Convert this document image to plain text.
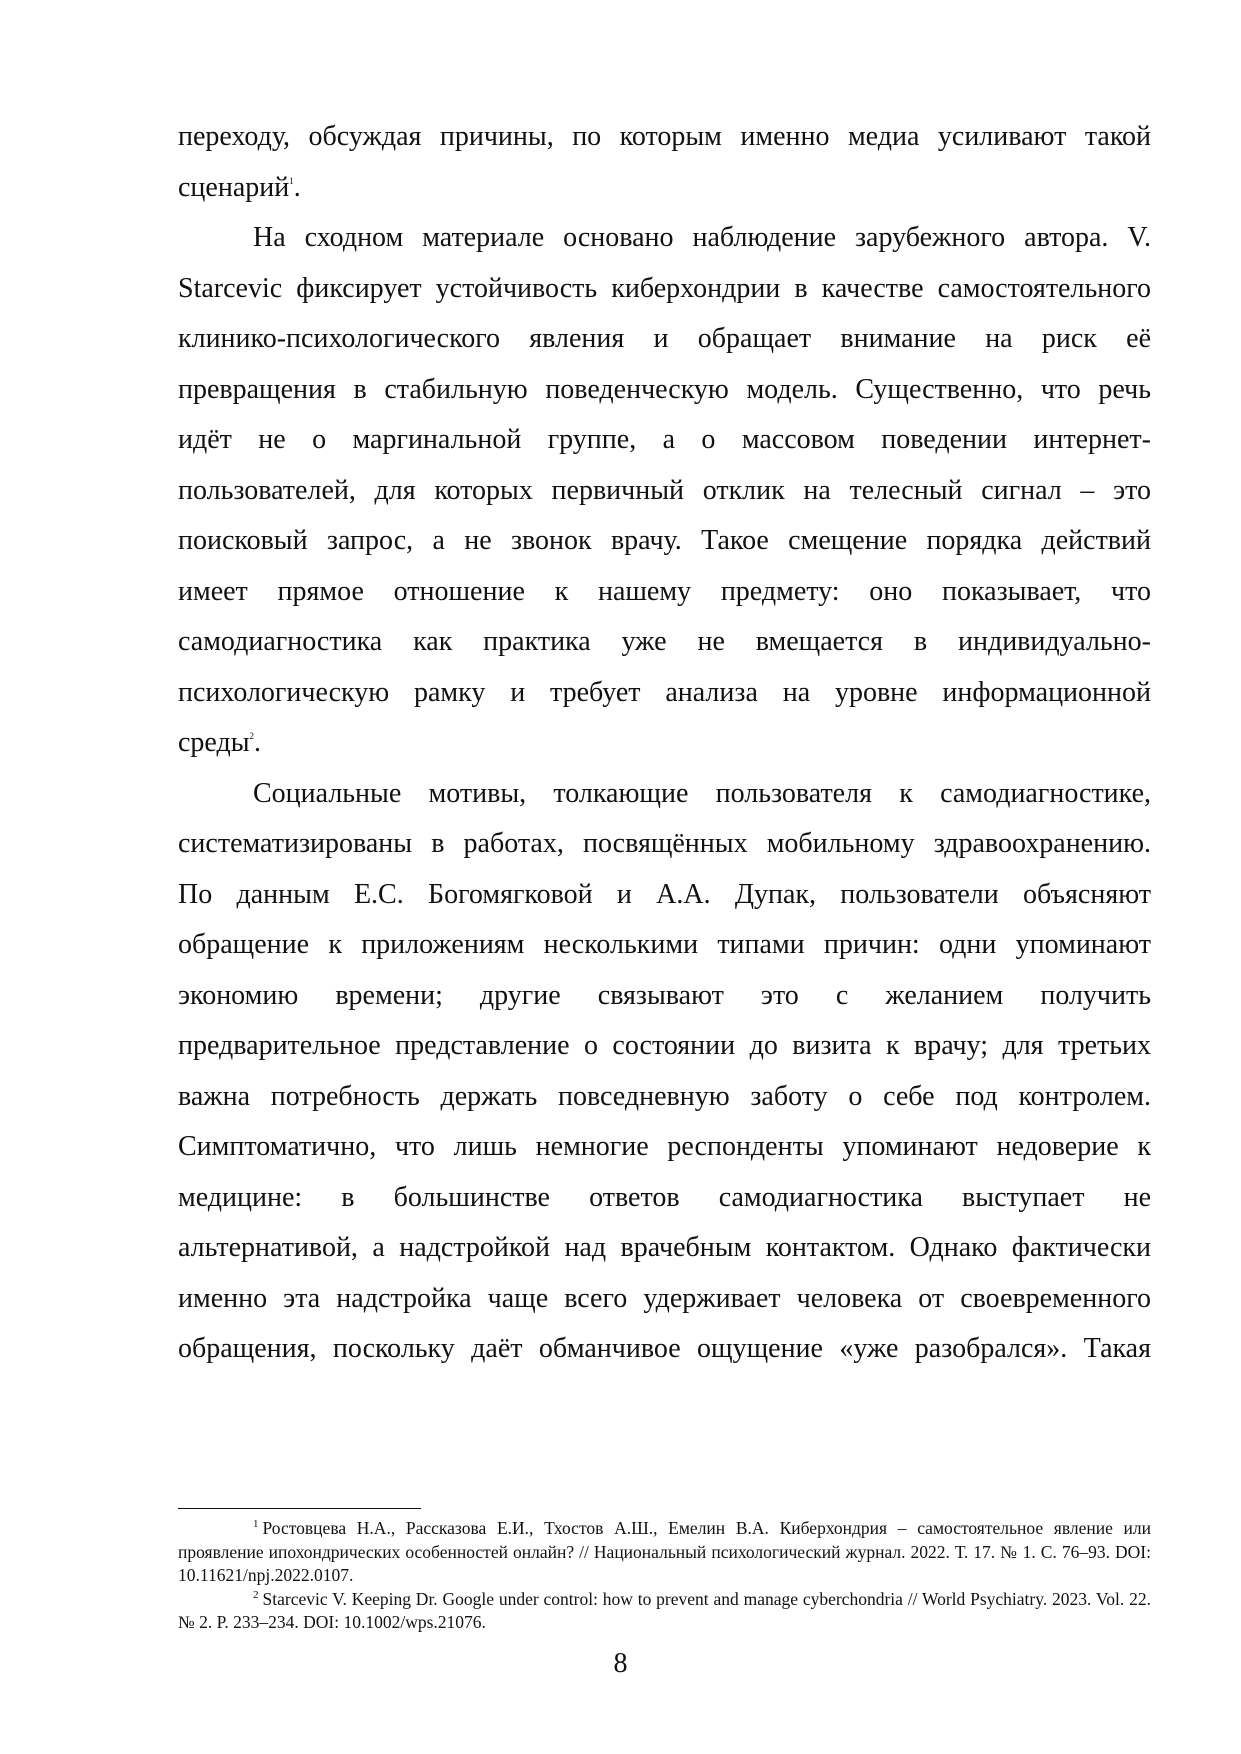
переходу, обсуждая причины, по которым именно медиа усиливают такой

сценарий$^1$.

На сходном материале основано наблюдение зарубежного автора. V.

Starcevic фиксирует устойчивость киберхондрии в качестве самостоятельного

клинико-психологического явления и обращает внимание на риск её

превращения в стабильную поведенческую модель. Существенно, что речь

идёт не о маргинальной группе, а о массовом поведении интернет-

пользователей, для которых первичный отклик на телесный сигнал – это

поисковый запрос, а не звонок врачу. Такое смещение порядка действий

имеет прямое отношение к нашему предмету: оно показывает, что

самодиагностика как практика уже не вмещается в индивидуально-

психологическую рамку и требует анализа на уровне информационной

среды$^2$.

Социальные мотивы, толкающие пользователя к самодиагностике,

систематизированы в работах, посвящённых мобильному здравоохранению.

По данным Е.С. Богомягковой и А.А. Дупак, пользователи объясняют

обращение к приложениям несколькими типами причин: одни упоминают

экономию времени; другие связывают это с желанием получить

предварительное представление о состоянии до визита к врачу; для третьих

важна потребность держать повседневную заботу о себе под контролем.

Симптоматично, что лишь немногие респонденты упоминают недоверие к

медицине: в большинстве ответов самодиагностика выступает не

альтернативой, а надстройкой над врачебным контактом. Однако фактически

именно эта надстройка чаще всего удерживает человека от своевременного

обращения, поскольку даёт обманчивое ощущение «уже разобрался». Такая

$^1$ Ростовцева Н.А., Рассказова Е.И., Тхостов А.Ш., Емелин В.А. Киберхондрия – самостоятельное явление или проявление ипохондрических особенностей онлайн? // Национальный психологический журнал. 2022. Т. 17. № 1. С. 76–93. DOI: 10.11621/npj.2022.0107.

$^2$ Starcevic V. Keeping Dr. Google under control: how to prevent and manage cyberchondria // World Psychiatry. 2023. Vol. 22. № 2. P. 233–234. DOI: 10.1002/wps.21076.

8
